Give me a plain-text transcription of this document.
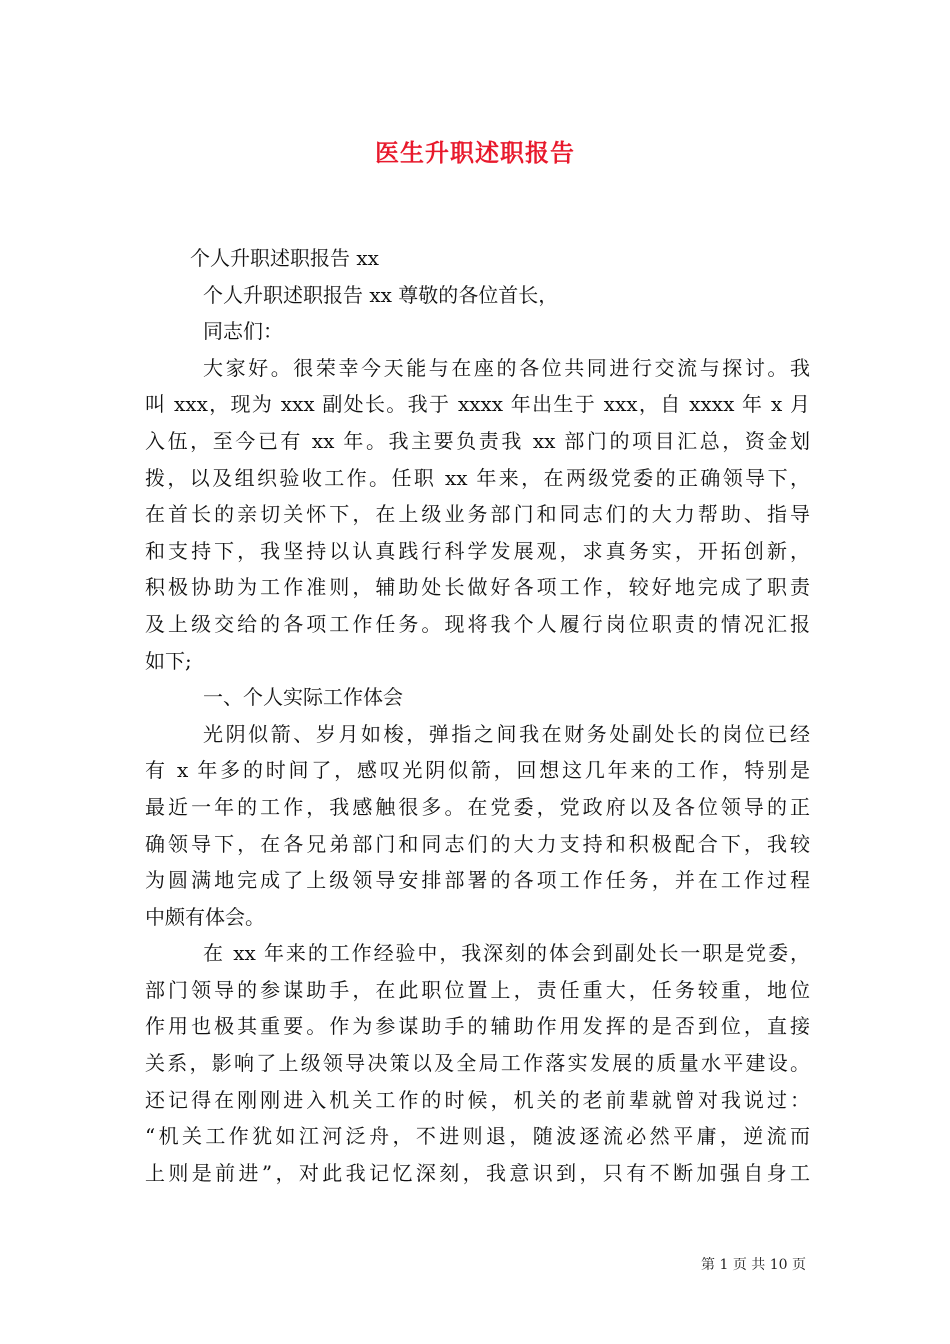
医生升职述职报告
个人升职述职报告 xx
个人升职述职报告 xx 尊敬的各位首长，
同志们：
大家好。很荣幸今天能与在座的各位共同进行交流与探讨。我
叫 xxx，现为 xxx 副处长。我于 xxxx 年出生于 xxx，自 xxxx 年 x 月
入伍，至今已有 xx 年。我主要负责我 xx 部门的项目汇总，资金划
拨，以及组织验收工作。任职 xx 年来，在两级党委的正确领导下，
在首长的亲切关怀下，在上级业务部门和同志们的大力帮助、指导
和支持下，我坚持以认真践行科学发展观，求真务实，开拓创新，
积极协助为工作准则，辅助处长做好各项工作，较好地完成了职责
及上级交给的各项工作任务。现将我个人履行岗位职责的情况汇报
如下;
一、个人实际工作体会
光阴似箭、岁月如梭，弹指之间我在财务处副处长的岗位已经
有 x 年多的时间了，感叹光阴似箭，回想这几年来的工作，特别是
最近一年的工作，我感触很多。在党委，党政府以及各位领导的正
确领导下，在各兄弟部门和同志们的大力支持和积极配合下，我较
为圆满地完成了上级领导安排部署的各项工作任务，并在工作过程
中颇有体会。
在 xx 年来的工作经验中，我深刻的体会到副处长一职是党委，
部门领导的参谋助手，在此职位置上，责任重大，任务较重，地位
作用也极其重要。作为参谋助手的辅助作用发挥的是否到位，直接
关系，影响了上级领导决策以及全局工作落实发展的质量水平建设。
还记得在刚刚进入机关工作的时候，机关的老前辈就曾对我说过：
“机关工作犹如江河泛舟，不进则退，随波逐流必然平庸，逆流而
上则是前进”，对此我记忆深刻，我意识到，只有不断加强自身工
第 1 页 共 10 页
